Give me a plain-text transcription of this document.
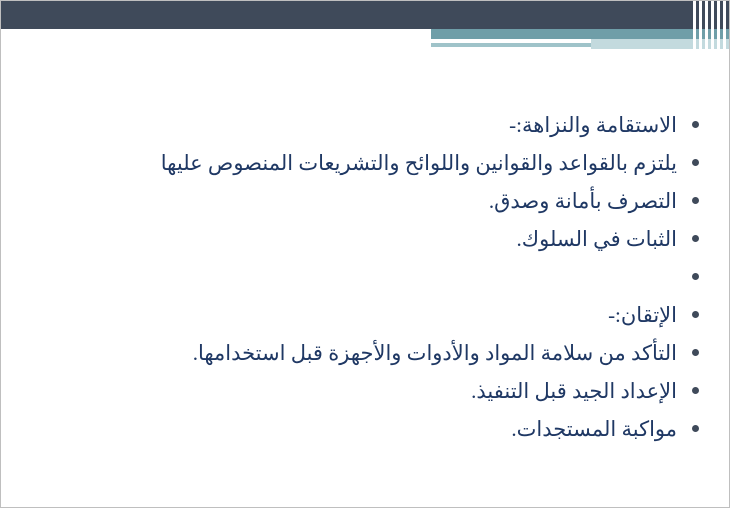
الاستقامة والنزاهة:-
يلتزم بالقواعد والقوانين واللوائح والتشريعات المنصوص عليها
التصرف بأمانة وصدق.
الثبات في السلوك.
الإتقان:-
التأكد من سلامة المواد والأدوات والأجهزة قبل استخدامها.
الإعداد الجيد قبل التنفيذ.
مواكبة المستجدات.
